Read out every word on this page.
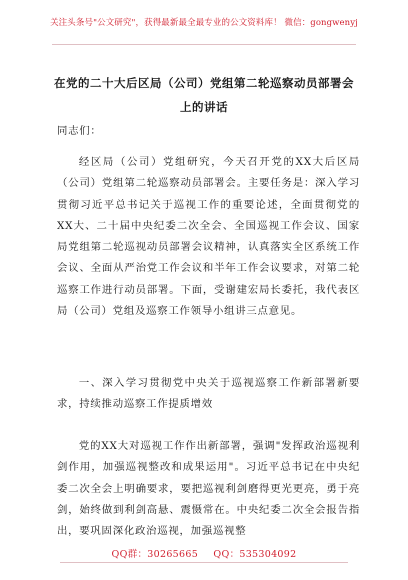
关注头条号"公文研究"，获得最新最全最专业的公文资料库！ 微信：gongwenyj
在党的二十大后区局（公司）党组第二轮巡察动员部署会
上的讲话
同志们：
经区局（公司）党组研究，今天召开党的XX大后区局（公司）党组第二轮巡察动员部署会。主要任务是：深入学习贯彻习近平总书记关于巡视工作的重要论述，全面贯彻党的XX大、二十届中央纪委二次全会、全国巡视工作会议、国家局党组第二轮巡视动员部署会议精神，认真落实全区系统工作会议、全面从严治党工作会议和半年工作会议要求，对第二轮巡察工作进行动员部署。下面，受谢建宏局长委托，我代表区局（公司）党组及巡察工作领导小组讲三点意见。
一、深入学习贯彻党中央关于巡视巡察工作新部署新要求，持续推动巡察工作提质增效
党的XX大对巡视工作作出新部署，强调"发挥政治巡视利剑作用，加强巡视整改和成果运用"。习近平总书记在中央纪委二次全会上明确要求，要把巡视利剑磨得更光更亮，勇于亮剑，始终做到利剑高悬、震慑常在。中央纪委二次全会报告指出，要巩固深化政治巡视，加强巡视整
QQ群：30265665 QQ：535304092
